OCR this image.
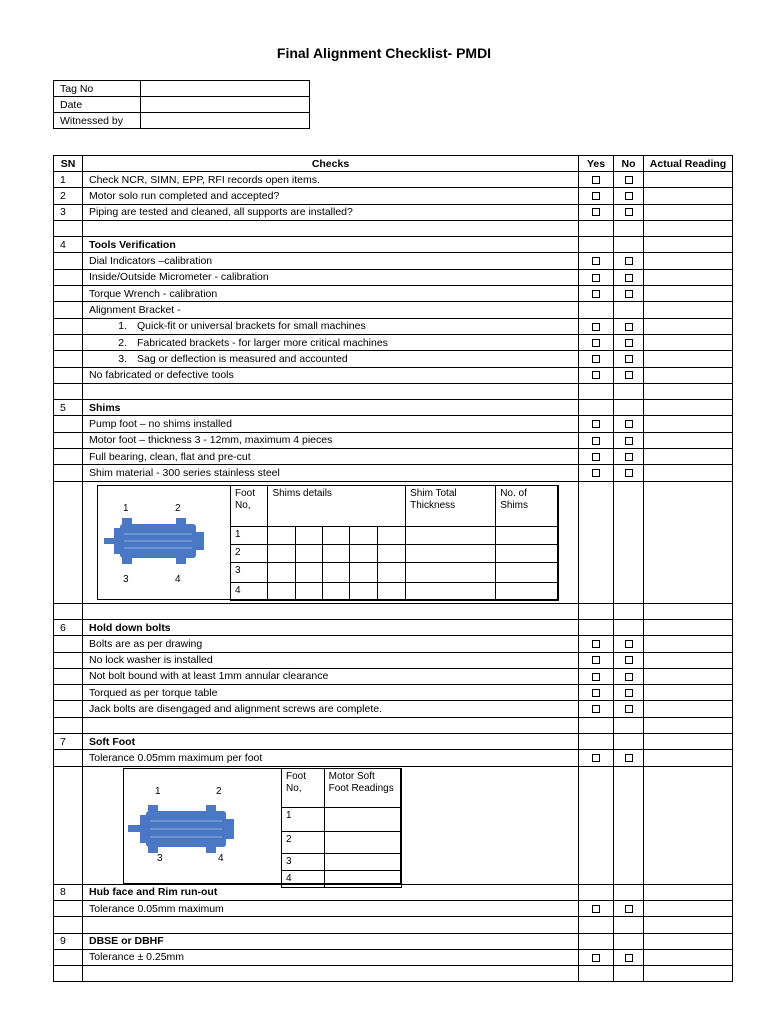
Final Alignment Checklist- PMDI
Tag No	
Date	
Witnessed by	
SN	Checks	Yes	No	Actual Reading
1	Check NCR, SIMN, EPP, RFI records open items.			
2	Motor solo run completed and accepted?			
3	Piping are tested and cleaned, all supports are installed?			

4	Tools Verification			
	Dial Indicators –calibration			
	Inside/Outside Micrometer - calibration			
	Torque Wrench - calibration			
	Alignment Bracket -			
	1. Quick-fit or universal brackets for small machines			
	2. Fabricated brackets - for larger more critical machines			
	3. Sag or deflection is measured and accounted			
	No fabricated or defective tools			

5	Shims			
	Pump foot – no shims installed			
	Motor foot – thickness 3 - 12mm, maximum 4 pieces			
	Full bearing, clean, flat and pre-cut			
	Shim material - 300 series stainless steel			

1	2
3	4
Foot No,	Shims details	Shim Total Thickness	No. of Shims
1							
2							
3							
4							

6	Hold down bolts			
	Bolts are as per drawing			
	No lock washer is installed			
	Not bolt bound with at least 1mm annular clearance			
	Torqued as per torque table			
	Jack bolts are disengaged and alignment screws are complete.			

7	Soft Foot			
	Tolerance 0.05mm maximum per foot			

1	2
3	4
Foot No,	Motor Soft Foot Readings
1	
2	
3	
4	

8	Hub face and Rim run-out			
	Tolerance 0.05mm maximum			

9	DBSE or DBHF			
	Tolerance ± 0.25mm			
